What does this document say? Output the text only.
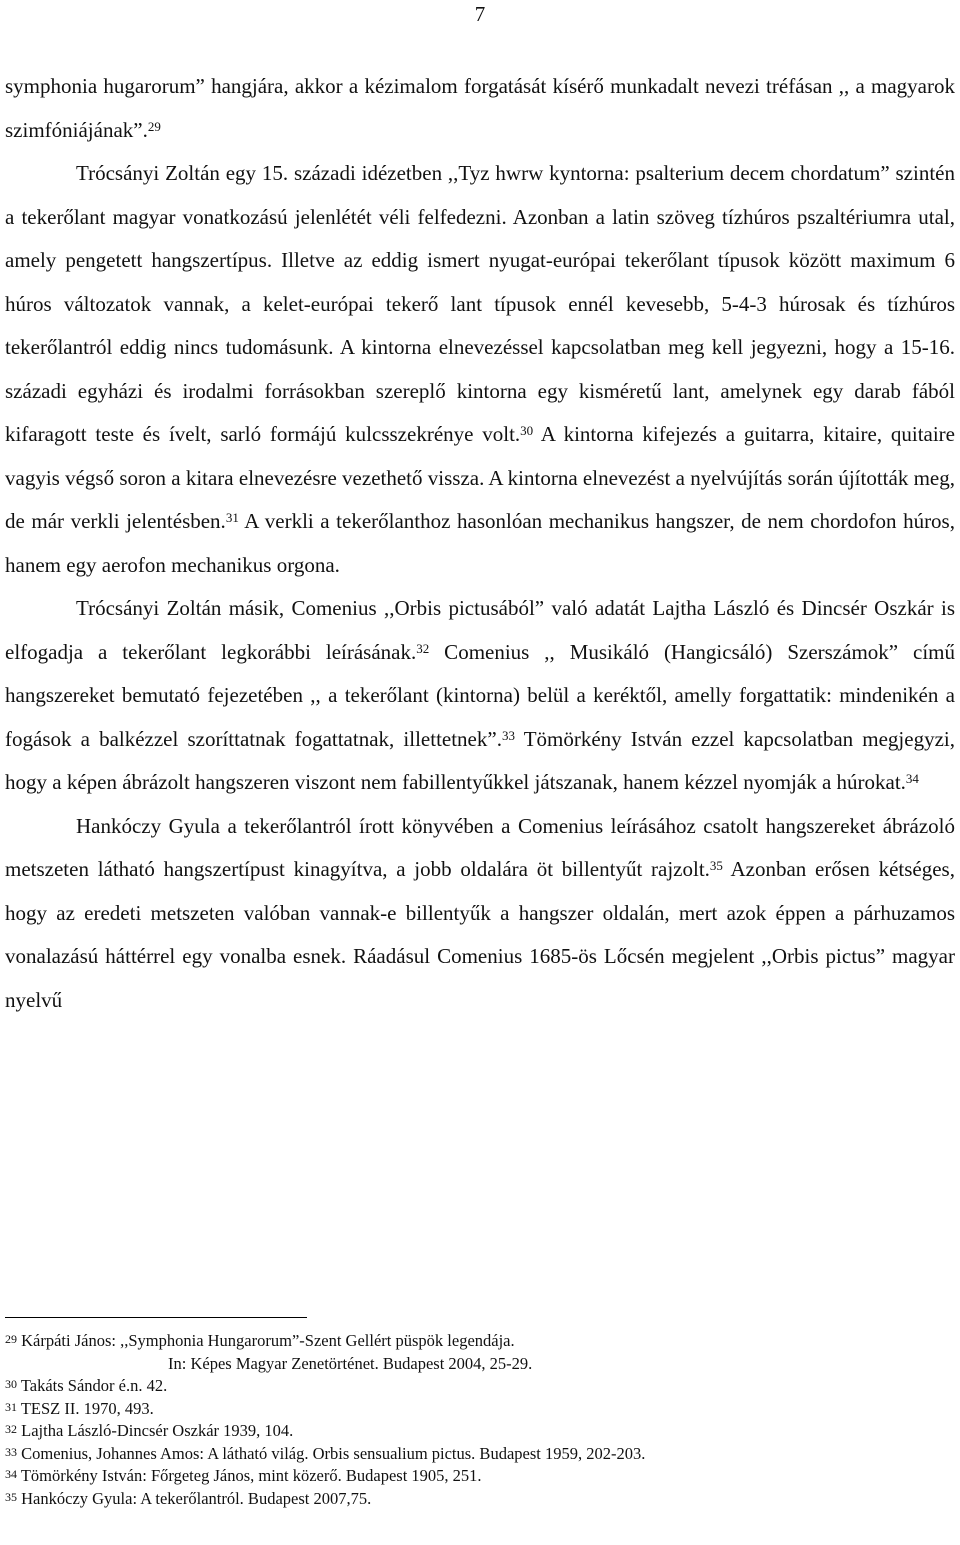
7

symphonia hugarorum” hangjára, akkor a kézimalom forgatását kísérő munkadalt nevezi tréfásan ,, a magyarok szimfóniájának”.$^{29}$

Trócsányi Zoltán egy 15. századi idézetben ,,Tyz hwrw kyntorna: psalterium decem chordatum” szintén a tekerőlant magyar vonatkozású jelenlétét véli felfedezni. Azonban a latin szöveg tízhúros pszaltériumra utal, amely pengetett hangszertípus. Illetve az eddig ismert nyugat-európai tekerőlant típusok között maximum 6 húros változatok vannak, a kelet-európai tekerő lant típusok ennél kevesebb, 5-4-3 húrosak és tízhúros tekerőlantról eddig nincs tudomásunk. A kintorna elnevezéssel kapcsolatban meg kell jegyezni, hogy a 15-16. századi egyházi és irodalmi forrásokban szereplő kintorna egy kisméretű lant, amelynek egy darab fából kifaragott teste és ívelt, sarló formájú kulcsszekrénye volt.$^{30}$ A kintorna kifejezés a guitarra, kitaire, quitaire vagyis végső soron a kitara elnevezésre vezethető vissza. A kintorna elnevezést a nyelvújítás során újították meg, de már verkli jelentésben.$^{31}$ A verkli a tekerőlanthoz hasonlóan mechanikus hangszer, de nem chordofon húros, hanem egy aerofon mechanikus orgona.

Trócsányi Zoltán másik, Comenius ,,Orbis pictusából” való adatát Lajtha László és Dincsér Oszkár is elfogadja a tekerőlant legkorábbi leírásának.$^{32}$ Comenius ,, Musikáló (Hangicsáló) Szerszámok” című hangszereket bemutató fejezetében ,, a tekerőlant (kintorna) belül a keréktől, amelly forgattatik: mindenikén a fogások a balkézzel szoríttatnak fogattatnak, illettetnek”.$^{33}$ Tömörkény István ezzel kapcsolatban megjegyzi, hogy a képen ábrázolt hangszeren viszont nem fabillentyűkkel játszanak, hanem kézzel nyomják a húrokat.$^{34}$

Hankóczy Gyula a tekerőlantról írott könyvében a Comenius leírásához csatolt hangszereket ábrázoló metszeten látható hangszertípust kinagyítva, a jobb oldalára öt billentyűt rajzolt.$^{35}$ Azonban erősen kétséges, hogy az eredeti metszeten valóban vannak-e billentyűk a hangszer oldalán, mert azok éppen a párhuzamos vonalazású háttérrel egy vonalba esnek. Ráadásul Comenius 1685-ös Lőcsén megjelent ,,Orbis pictus” magyar nyelvű

$^{29}$ Kárpáti János: ,,Symphonia Hungarorum”-Szent Gellért püspök legendája.

In: Képes Magyar Zenetörténet. Budapest 2004, 25-29.

$^{30}$ Takáts Sándor é.n. 42.

$^{31}$ TESZ II. 1970, 493.

$^{32}$ Lajtha László-Dincsér Oszkár 1939, 104.

$^{33}$ Comenius, Johannes Amos: A látható világ. Orbis sensualium pictus. Budapest 1959, 202-203.

$^{34}$ Tömörkény István: Főrgeteg János, mint közerő. Budapest 1905, 251.

$^{35}$ Hankóczy Gyula: A tekerőlantról. Budapest 2007,75.
